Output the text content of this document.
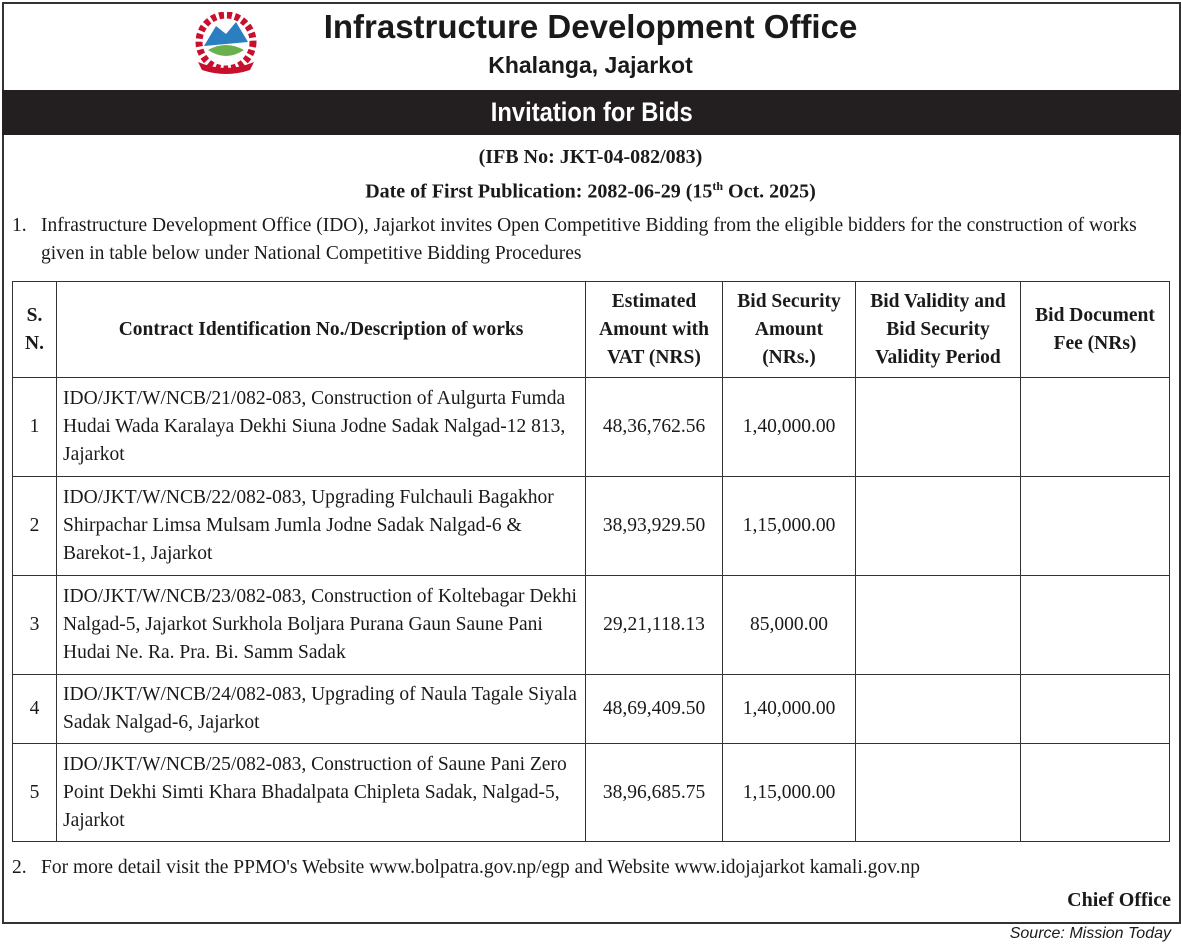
Infrastructure Development Office
Khalanga, Jajarkot
Invitation for Bids
(IFB No: JKT-04-082/083)
Date of First Publication: 2082-06-29 (15th Oct. 2025)
1. Infrastructure Development Office (IDO), Jajarkot invites Open Competitive Bidding from the eligible bidders for the construction of works given in table below under National Competitive Bidding Procedures
S. N.	Contract Identification No./Description of works	Estimated Amount with VAT (NRS)	Bid Security Amount (NRs.)	Bid Validity and Bid Security Validity Period	Bid Document Fee (NRs)
1	IDO/JKT/W/NCB/21/082-083, Construction of Aulgurta Fumda Hudai Wada Karalaya Dekhi Siuna Jodne Sadak Nalgad-12 813, Jajarkot	48,36,762.56	1,40,000.00		
2	IDO/JKT/W/NCB/22/082-083, Upgrading Fulchauli Bagakhor Shirpachar Limsa Mulsam Jumla Jodne Sadak Nalgad-6 & Barekot-1, Jajarkot	38,93,929.50	1,15,000.00		
3	IDO/JKT/W/NCB/23/082-083, Construction of Koltebagar Dekhi Nalgad-5, Jajarkot Surkhola Boljara Purana Gaun Saune Pani Hudai Ne. Ra. Pra. Bi. Samm Sadak	29,21,118.13	85,000.00		
4	IDO/JKT/W/NCB/24/082-083, Upgrading of Naula Tagale Siyala Sadak Nalgad-6, Jajarkot	48,69,409.50	1,40,000.00		
5	IDO/JKT/W/NCB/25/082-083, Construction of Saune Pani Zero Point Dekhi Simti Khara Bhadalpata Chipleta Sadak, Nalgad-5, Jajarkot	38,96,685.75	1,15,000.00		
2. For more detail visit the PPMO's Website www.bolpatra.gov.np/egp and Website www.idojajarkot kamali.gov.np
Chief Office
Source: Mission Today
